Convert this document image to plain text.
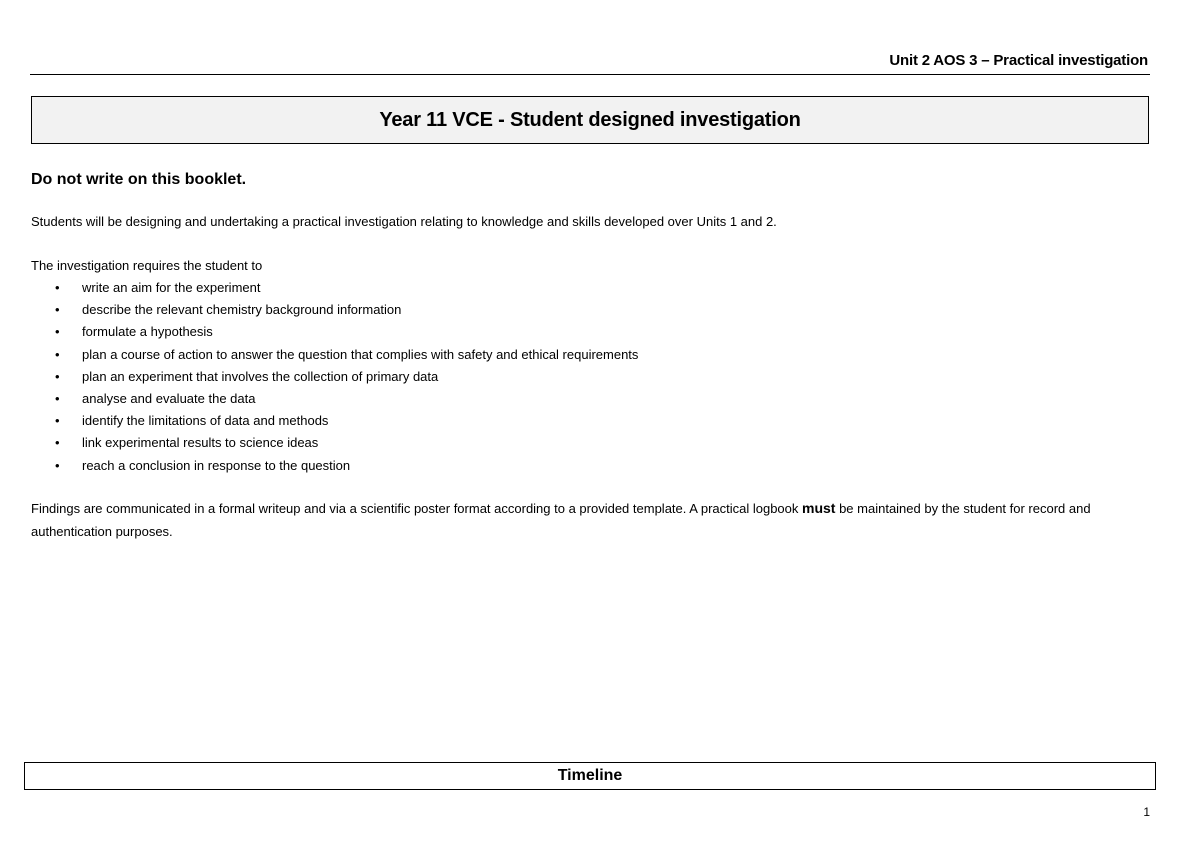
Unit 2 AOS 3 – Practical investigation
Year 11 VCE - Student designed investigation
Do not write on this booklet.
Students will be designing and undertaking a practical investigation relating to knowledge and skills developed over Units 1 and 2.
The investigation requires the student to
• write an aim for the experiment
• describe the relevant chemistry background information
• formulate a hypothesis
• plan a course of action to answer the question that complies with safety and ethical requirements
• plan an experiment that involves the collection of primary data
• analyse and evaluate the data
• identify the limitations of data and methods
• link experimental results to science ideas
• reach a conclusion in response to the question
Findings are communicated in a formal writeup and via a scientific poster format according to a provided template. A practical logbook must be maintained by the student for record and authentication purposes.
Timeline
1
